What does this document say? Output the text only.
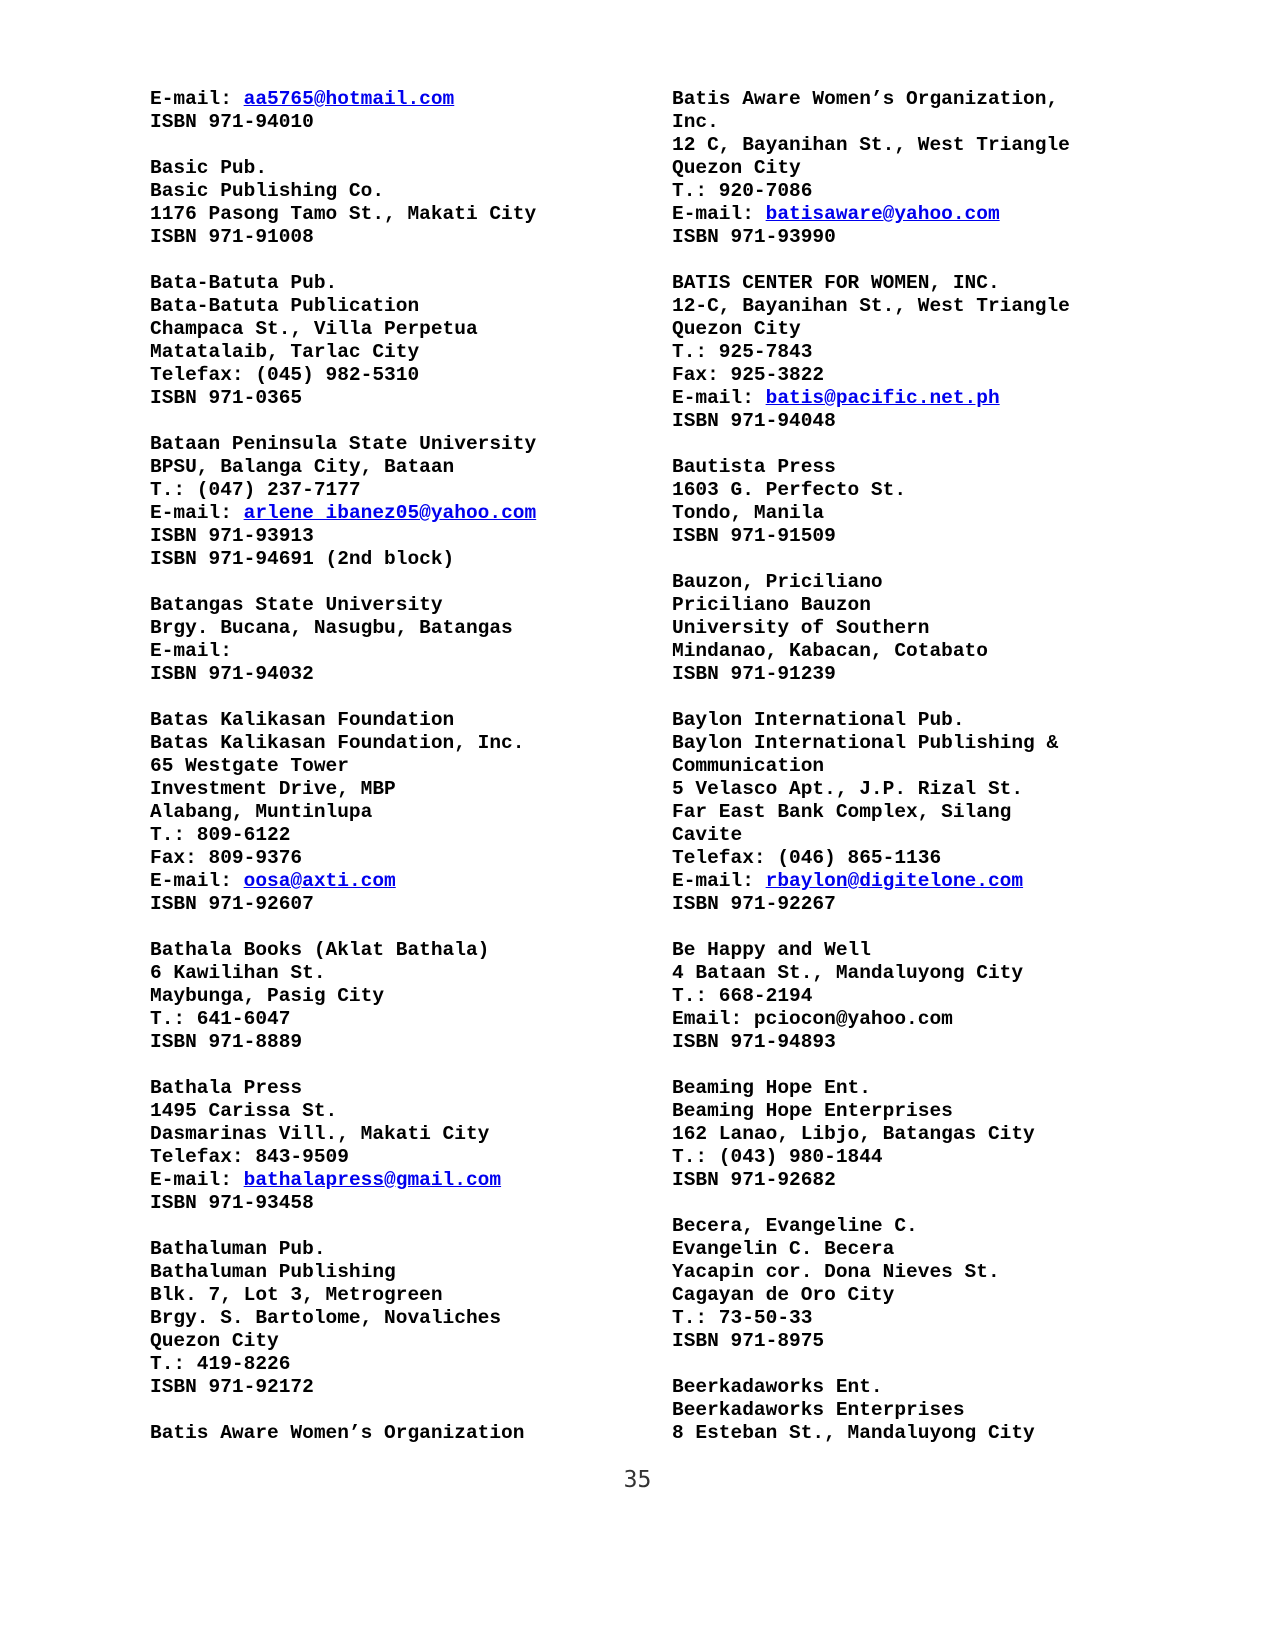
E-mail: aa5765@hotmail.com
ISBN 971-94010
Basic Pub.
Basic Publishing Co.
1176 Pasong Tamo St., Makati City
ISBN 971-91008
Bata-Batuta Pub.
Bata-Batuta Publication
Champaca St., Villa Perpetua
Matatalaib, Tarlac City
Telefax: (045) 982-5310
ISBN 971-0365
Bataan Peninsula State University
BPSU, Balanga City, Bataan
T.: (047) 237-7177
E-mail: arlene_ibanez05@yahoo.com
ISBN 971-93913
ISBN 971-94691 (2nd block)
Batangas State University
Brgy. Bucana, Nasugbu, Batangas
E-mail:
ISBN 971-94032
Batas Kalikasan Foundation
Batas Kalikasan Foundation, Inc.
65 Westgate Tower
Investment Drive, MBP
Alabang, Muntinlupa
T.: 809-6122
Fax: 809-9376
E-mail: oosa@axti.com
ISBN 971-92607
Bathala Books (Aklat Bathala)
6 Kawilihan St.
Maybunga, Pasig City
T.: 641-6047
ISBN 971-8889
Bathala Press
1495 Carissa St.
Dasmarinas Vill., Makati City
Telefax: 843-9509
E-mail: bathalapress@gmail.com
ISBN 971-93458
Bathaluman Pub.
Bathaluman Publishing
Blk. 7, Lot 3, Metrogreen
Brgy. S. Bartolome, Novaliches
Quezon City
T.: 419-8226
ISBN 971-92172
Batis Aware Women’s Organization
Batis Aware Women’s Organization,
Inc.
12 C, Bayanihan St., West Triangle
Quezon City
T.: 920-7086
E-mail: batisaware@yahoo.com
ISBN 971-93990
BATIS CENTER FOR WOMEN, INC.
12-C, Bayanihan St., West Triangle
Quezon City
T.: 925-7843
Fax: 925-3822
E-mail: batis@pacific.net.ph
ISBN 971-94048
Bautista Press
1603 G. Perfecto St.
Tondo, Manila
ISBN 971-91509
Bauzon, Priciliano
Priciliano Bauzon
University of Southern
Mindanao, Kabacan, Cotabato
ISBN 971-91239
Baylon International Pub.
Baylon International Publishing &
Communication
5 Velasco Apt., J.P. Rizal St.
Far East Bank Complex, Silang
Cavite
Telefax: (046) 865-1136
E-mail: rbaylon@digitelone.com
ISBN 971-92267
Be Happy and Well
4 Bataan St., Mandaluyong City
T.: 668-2194
Email: pciocon@yahoo.com
ISBN 971-94893
Beaming Hope Ent.
Beaming Hope Enterprises
162 Lanao, Libjo, Batangas City
T.: (043) 980-1844
ISBN 971-92682
Becera, Evangeline C.
Evangelin C. Becera
Yacapin cor. Dona Nieves St.
Cagayan de Oro City
T.: 73-50-33
ISBN 971-8975
Beerkadaworks Ent.
Beerkadaworks Enterprises
8 Esteban St., Mandaluyong City
35
